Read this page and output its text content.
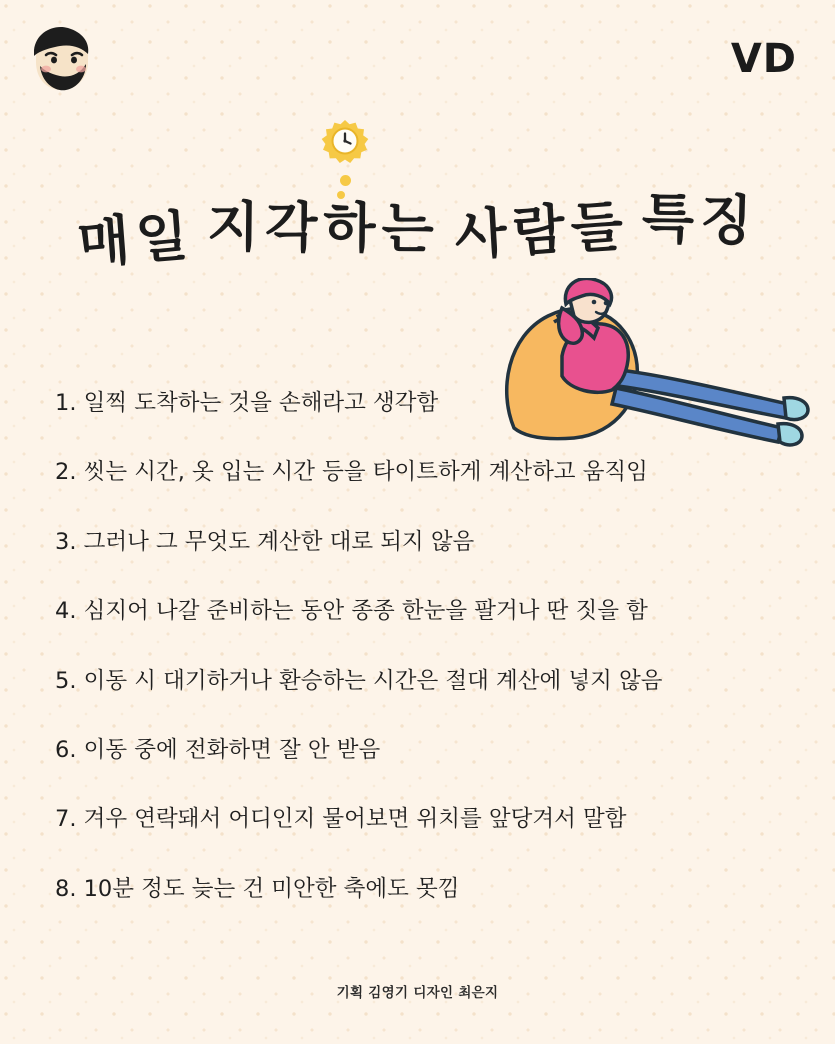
VD
매일 지각하는 사람들 특징
1. 일찍 도착하는 것을 손해라고 생각함
2. 씻는 시간, 옷 입는 시간 등을 타이트하게 계산하고 움직임
3. 그러나 그 무엇도 계산한 대로 되지 않음
4. 심지어 나갈 준비하는 동안 종종 한눈을 팔거나 딴 짓을 함
5. 이동 시 대기하거나 환승하는 시간은 절대 계산에 넣지 않음
6. 이동 중에 전화하면 잘 안 받음
7. 겨우 연락돼서 어디인지 물어보면 위치를 앞당겨서 말함
8. 10분 정도 늦는 건 미안한 축에도 못낌
기획 김영기 디자인 최은지
